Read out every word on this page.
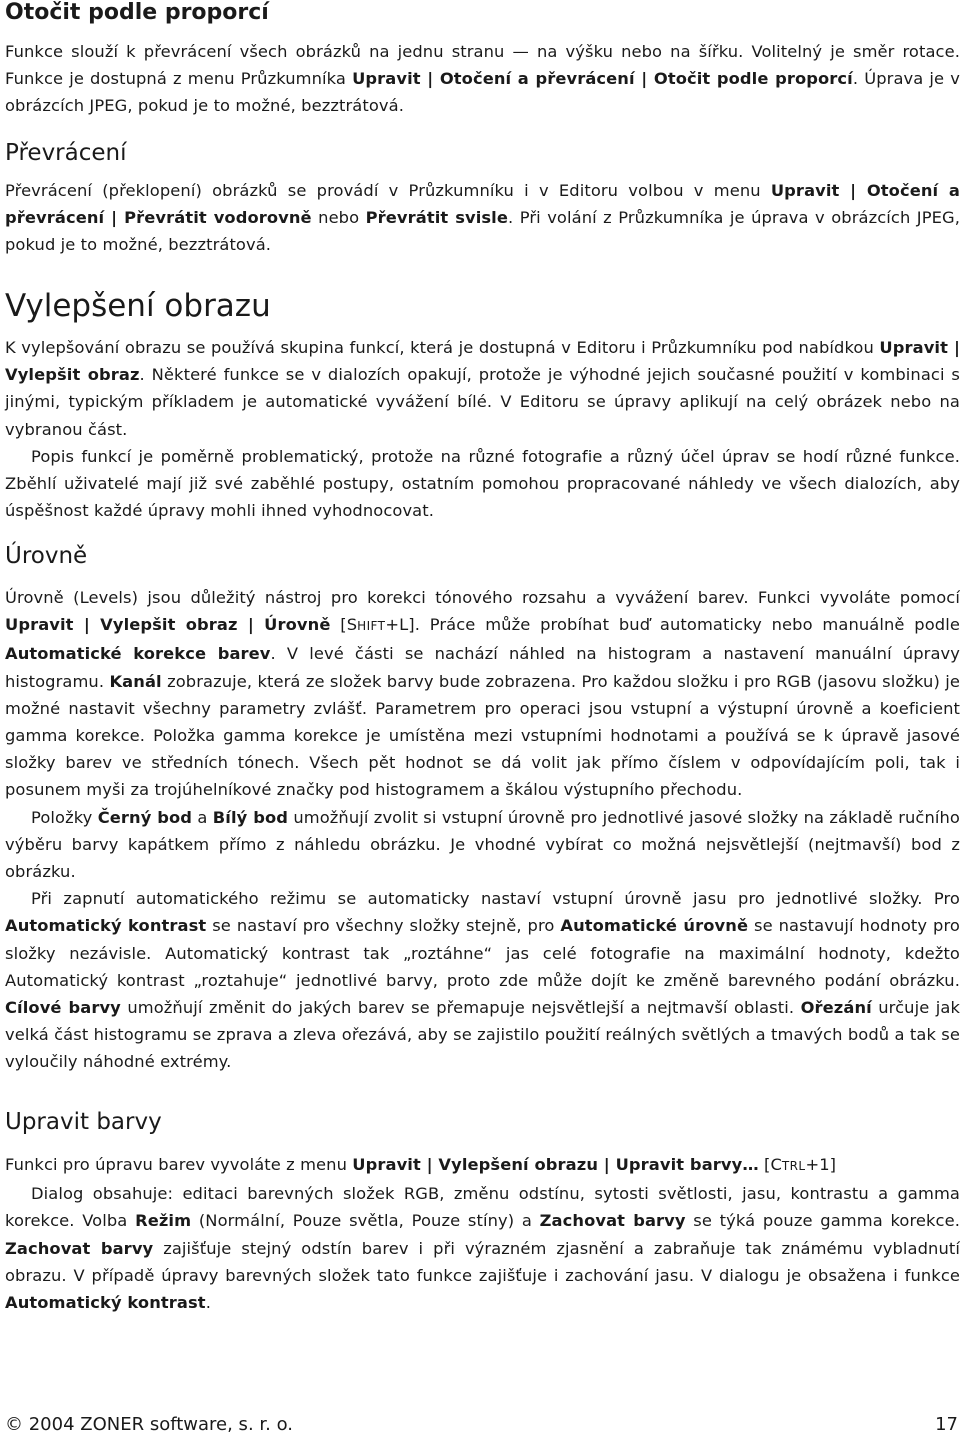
Otočit podle proporcí

Funkce slouží k převrácení všech obrázků na jednu stranu — na výšku nebo na šířku. Volitelný je směr rotace. Funkce je dostupná z menu Průzkumníka Upravit | Otočení a převrácení | Otočit podle proporcí. Úprava je v obrázcích JPEG, pokud je to možné, bezztrátová.

Převrácení

Převrácení (překlopení) obrázků se provádí v Průzkumníku i v Editoru volbou v menu Upravit | Otočení a převrácení | Převrátit vodorovně nebo Převrátit svisle. Při volání z Průzkumníka je úprava v obrázcích JPEG, pokud je to možné, bezztrátová.

Vylepšení obrazu

K vylepšování obrazu se používá skupina funkcí, která je dostupná v Editoru i Průzkumníku pod nabídkou Upravit | Vylepšit obraz. Některé funkce se v dialozích opakují, protože je výhodné jejich současné použití v kombinaci s jinými, typickým příkladem je automatické vyvážení bílé. V Editoru se úpravy aplikují na celý obrázek nebo na vybranou část.

Popis funkcí je poměrně problematický, protože na různé fotografie a různý účel úprav se hodí různé funkce. Zběhlí uživatelé mají již své zaběhlé postupy, ostatním pomohou propracované náhledy ve všech dialozích, aby úspěšnost každé úpravy mohli ihned vyhodnocovat.

Úrovně

Úrovně (Levels) jsou důležitý nástroj pro korekci tónového rozsahu a vyvážení barev. Funkci vyvoláte pomocí Upravit | Vylepšit obraz | Úrovně [SHIFT+L]. Práce může probíhat buď automaticky nebo manuálně podle Automatické korekce barev. V levé části se nachází náhled na histogram a nastavení manuální úpravy histogramu. Kanál zobrazuje, která ze složek barvy bude zobrazena. Pro každou složku i pro RGB (jasovu složku) je možné nastavit všechny parametry zvlášť. Parametrem pro operaci jsou vstupní a výstupní úrovně a koeficient gamma korekce. Položka gamma korekce je umístěna mezi vstupními hodnotami a používá se k úpravě jasové složky barev ve středních tónech. Všech pět hodnot se dá volit jak přímo číslem v odpovídajícím poli, tak i posunem myši za trojúhelníkové značky pod histogramem a škálou výstupního přechodu.

Položky Černý bod a Bílý bod umožňují zvolit si vstupní úrovně pro jednotlivé jasové složky na základě ručního výběru barvy kapátkem přímo z náhledu obrázku. Je vhodné vybírat co možná nejsvětlejší (nejtmavší) bod z obrázku.

Při zapnutí automatického režimu se automaticky nastaví vstupní úrovně jasu pro jednotlivé složky. Pro Automatický kontrast se nastaví pro všechny složky stejně, pro Automatické úrovně se nastavují hodnoty pro složky nezávisle. Automatický kontrast tak „roztáhne“ jas celé fotografie na maximální hodnoty, kdežto Automatický kontrast „roztahuje“ jednotlivé barvy, proto zde může dojít ke změně barevného podání obrázku. Cílové barvy umožňují změnit do jakých barev se přemapuje nejsvětlejší a nejtmavší oblasti. Ořezání určuje jak velká část histogramu se zprava a zleva ořezává, aby se zajistilo použití reálných světlých a tmavých bodů a tak se vyloučily náhodné extrémy.

Upravit barvy

Funkci pro úpravu barev vyvoláte z menu Upravit | Vylepšení obrazu | Upravit barvy… [CTRL+1]

Dialog obsahuje: editaci barevných složek RGB, změnu odstínu, sytosti světlosti, jasu, kontrastu a gamma korekce. Volba Režim (Normální, Pouze světla, Pouze stíny) a Zachovat barvy se týká pouze gamma korekce. Zachovat barvy zajišťuje stejný odstín barev i při výrazném zjasnění a zabraňuje tak známému vybladnutí obrazu. V případě úpravy barevných složek tato funkce zajišťuje i zachování jasu. V dialogu je obsažena i funkce Automatický kontrast.

© 2004 ZONER software, s. r. o.	17
